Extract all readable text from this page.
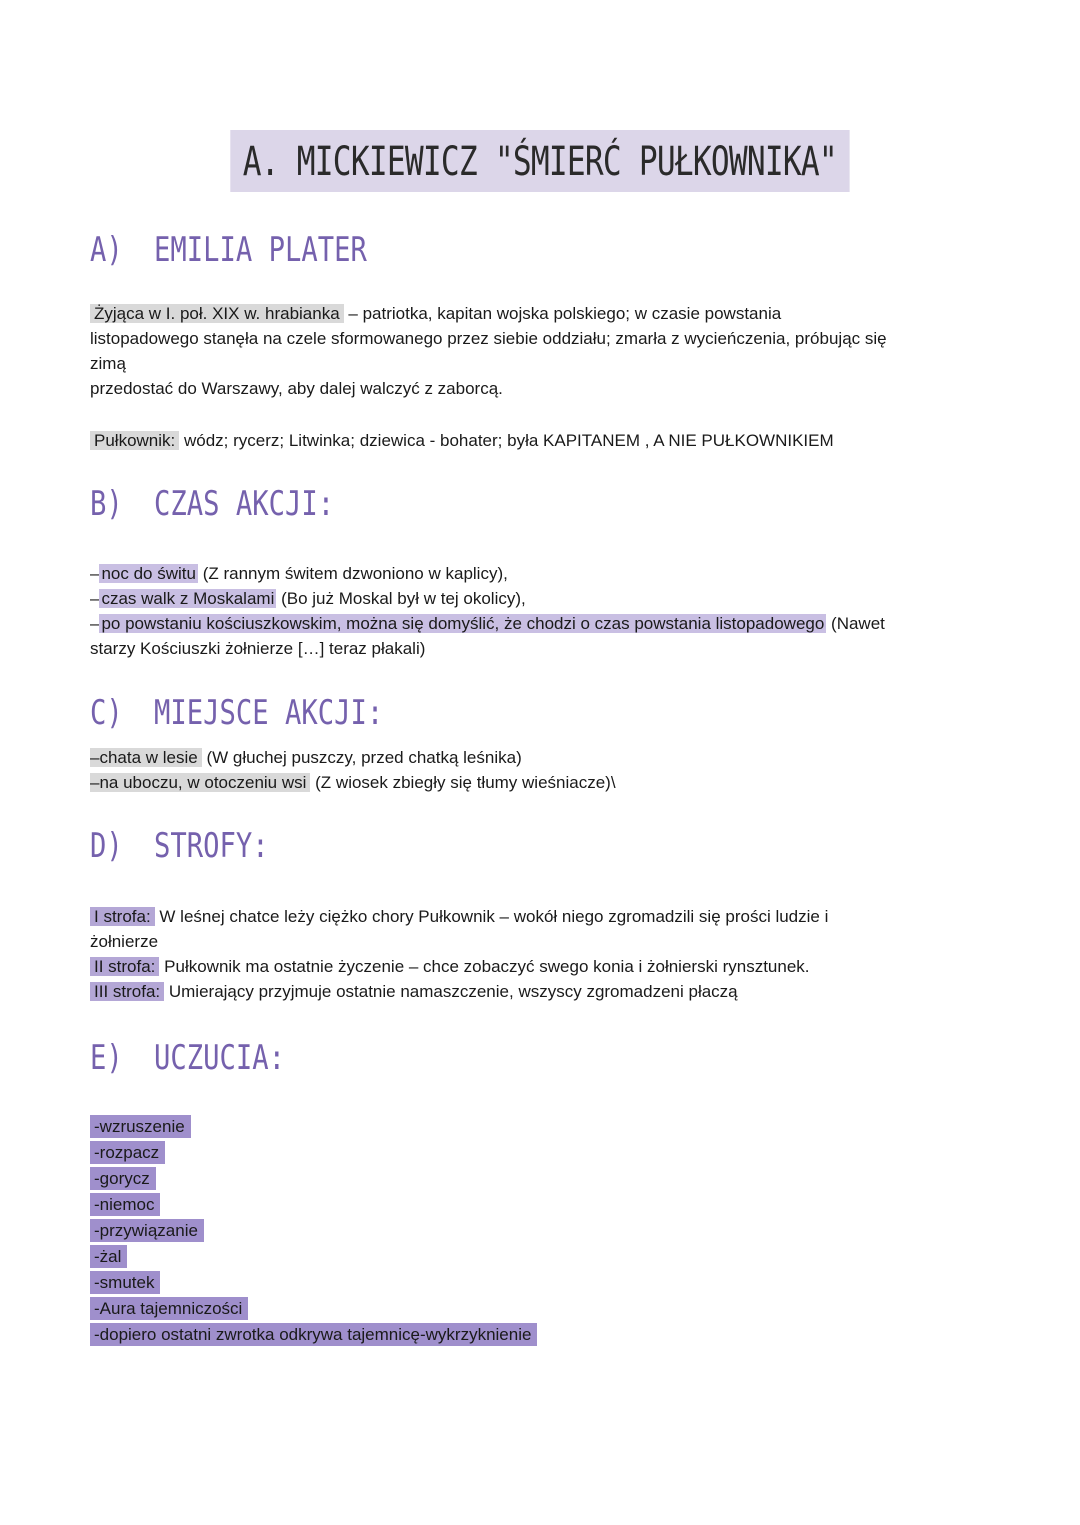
A. MICKIEWICZ "ŚMIERĆ PUŁKOWNIKA"
A) EMILIA PLATER
Żyjąca w I. poł. XIX w. hrabianka – patriotka, kapitan wojska polskiego; w czasie powstania
listopadowego stanęła na czele sformowanego przez siebie oddziału; zmarła z wycieńczenia, próbując się
zimą
przedostać do Warszawy, aby dalej walczyć z zaborcą.
Pułkownik: wódz; rycerz; Litwinka; dziewica - bohater; była KAPITANEM , A NIE PUŁKOWNIKIEM
B) CZAS AKCJI:
– noc do świtu (Z rannym świtem dzwoniono w kaplicy),
– czas walk z Moskalami (Bo już Moskal był w tej okolicy),
– po powstaniu kościuszkowskim, można się domyślić, że chodzi o czas powstania listopadowego (Nawet
starzy Kościuszki żołnierze […] teraz płakali)
C) MIEJSCE AKCJI:
–chata w lesie (W głuchej puszczy, przed chatką leśnika)
–na uboczu, w otoczeniu wsi (Z wiosek zbiegły się tłumy wieśniacze)\
D) STROFY:
I strofa: W leśnej chatce leży ciężko chory Pułkownik – wokół niego zgromadzili się prości ludzie i
żołnierze
II strofa: Pułkownik ma ostatnie życzenie – chce zobaczyć swego konia i żołnierski rynsztunek.
III strofa: Umierający przyjmuje ostatnie namaszczenie, wszyscy zgromadzeni płaczą
E) UCZUCIA:
-wzruszenie
-rozpacz
-gorycz
-niemoc
-przywiązanie
-żal
-smutek
-Aura tajemniczości
-dopiero ostatni zwrotka odkrywa tajemnicę-wykrzyknienie
